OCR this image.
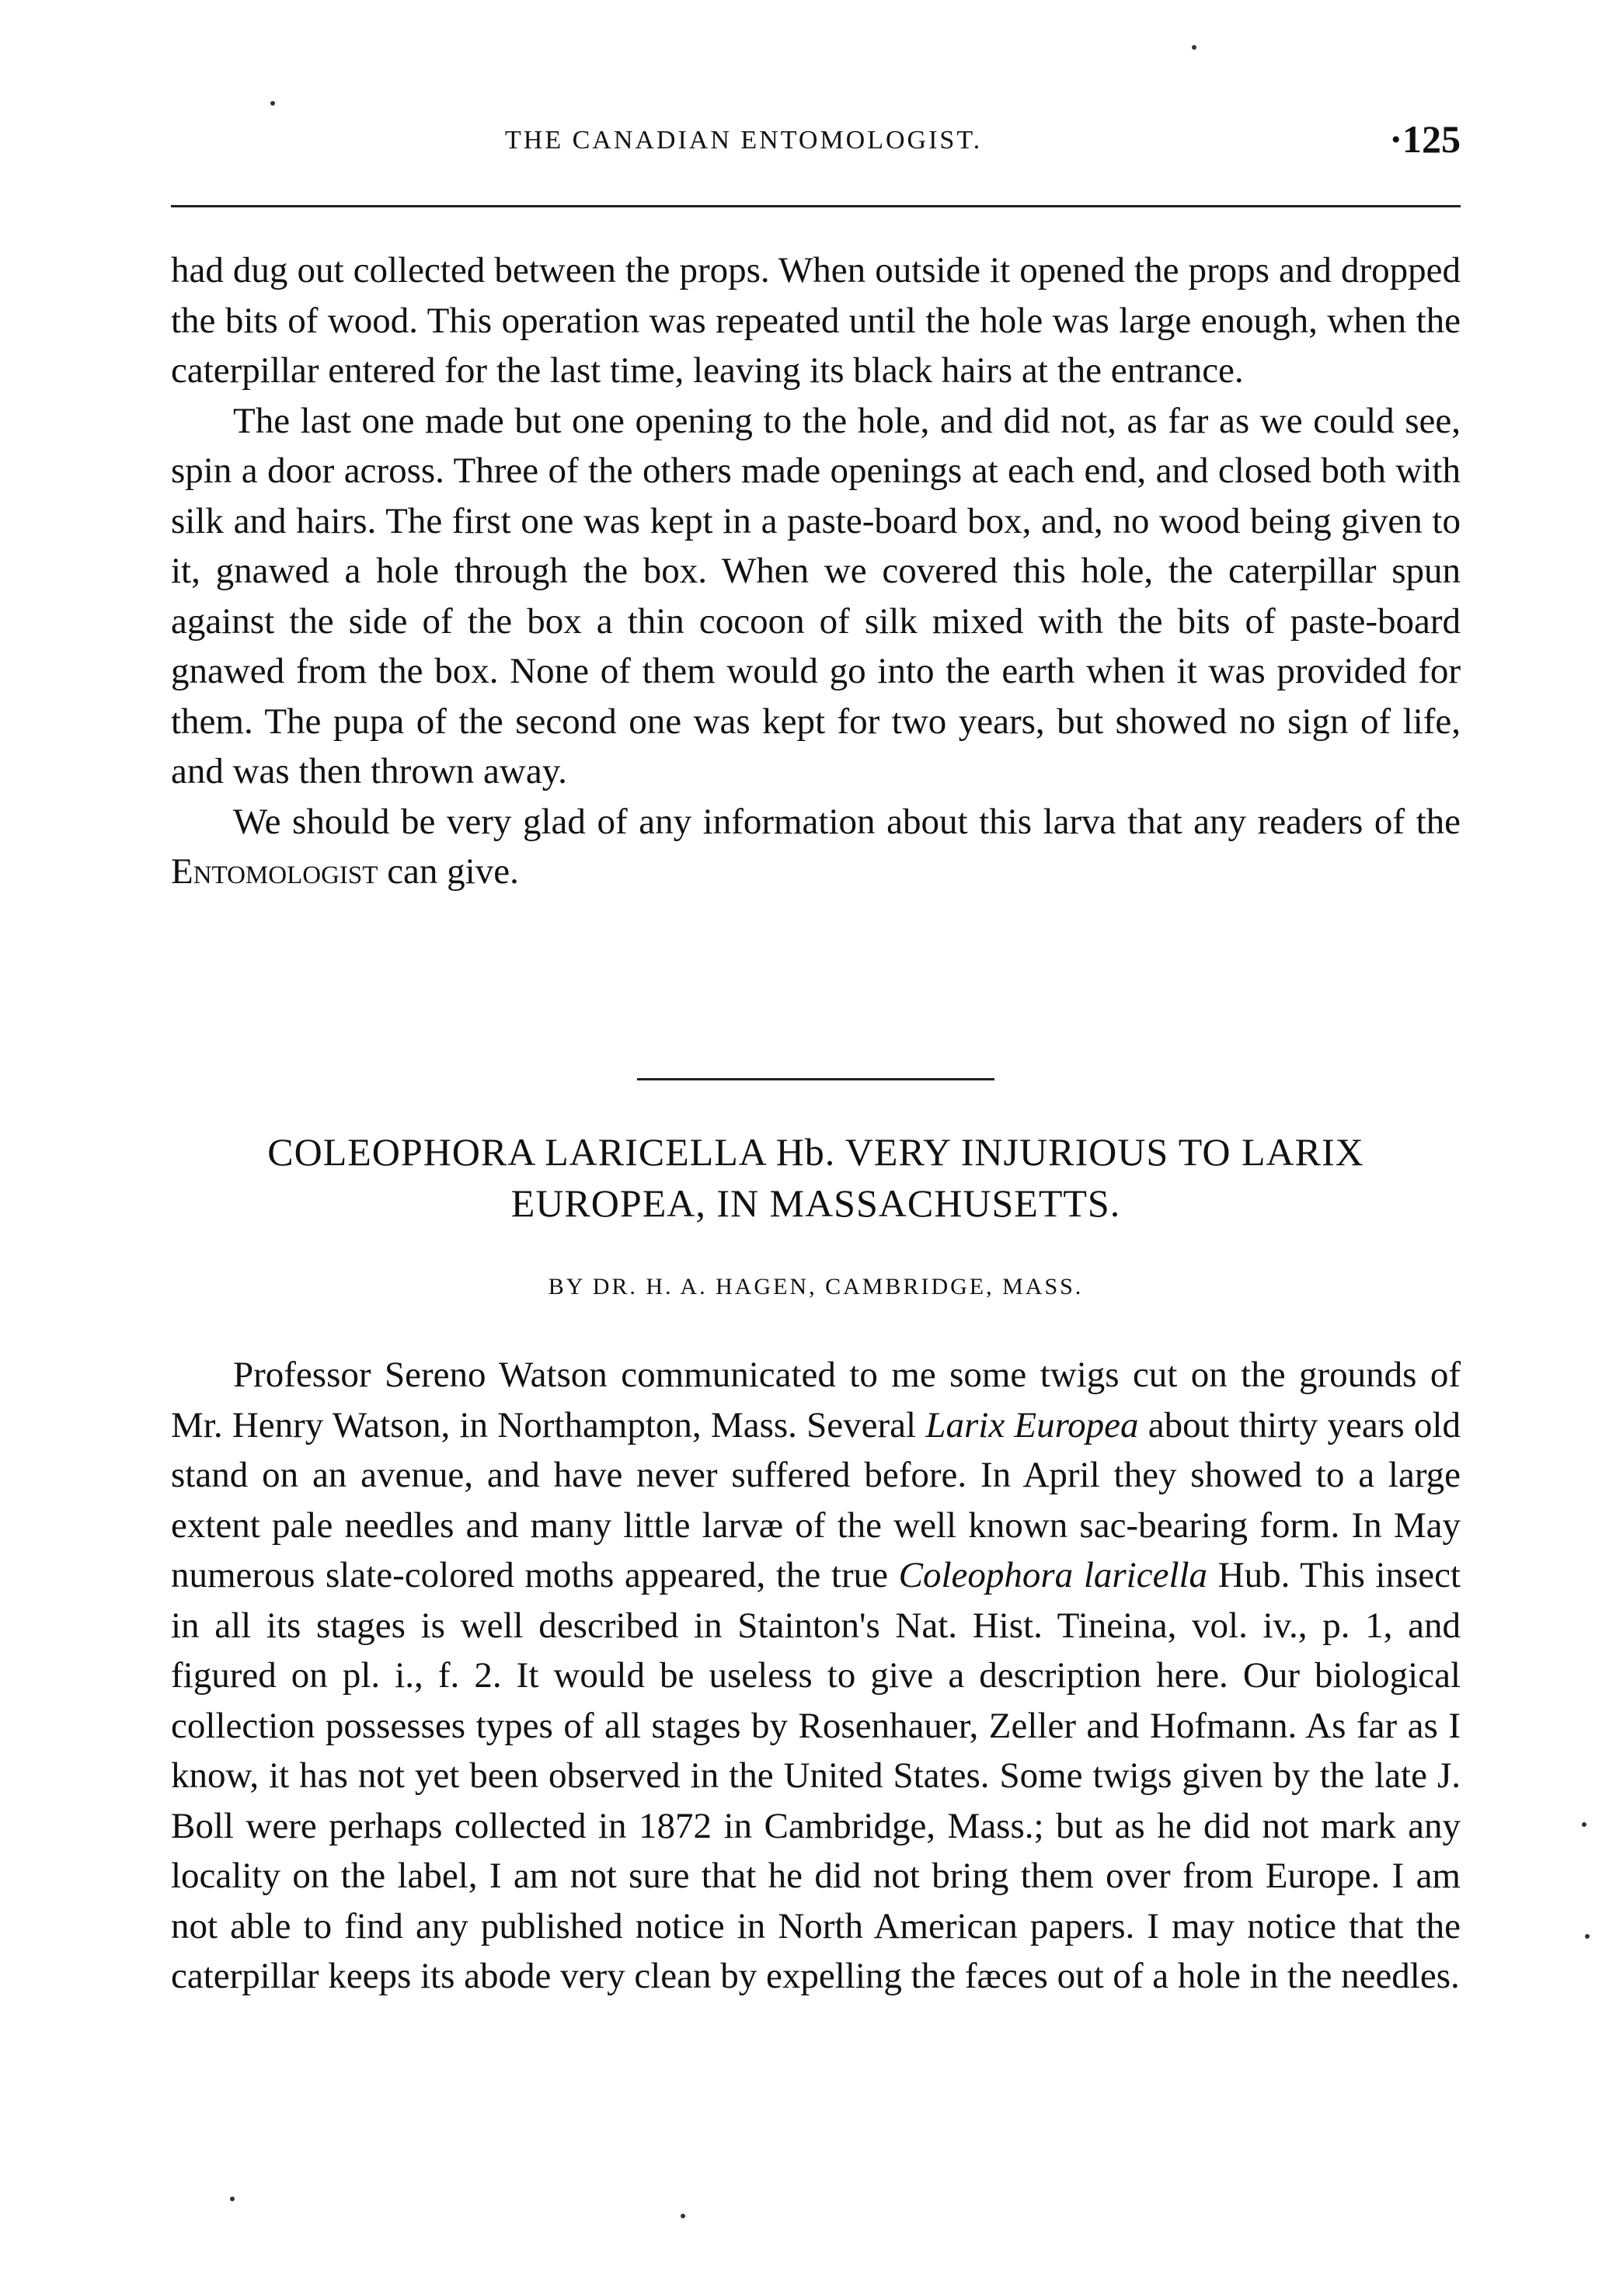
THE CANADIAN ENTOMOLOGIST.	·125

had dug out collected between the props. When outside it opened the props and dropped the bits of wood. This operation was repeated until the hole was large enough, when the caterpillar entered for the last time, leaving its black hairs at the entrance.

The last one made but one opening to the hole, and did not, as far as we could see, spin a door across. Three of the others made openings at each end, and closed both with silk and hairs. The first one was kept in a paste-board box, and, no wood being given to it, gnawed a hole through the box. When we covered this hole, the caterpillar spun against the side of the box a thin cocoon of silk mixed with the bits of paste-board gnawed from the box. None of them would go into the earth when it was provided for them. The pupa of the second one was kept for two years, but showed no sign of life, and was then thrown away.

We should be very glad of any information about this larva that any readers of the Entomologist can give.

COLEOPHORA LARICELLA Hb. VERY INJURIOUS TO LARIX
EUROPEA, IN MASSACHUSETTS.
BY DR. H. A. HAGEN, CAMBRIDGE, MASS.

Professor Sereno Watson communicated to me some twigs cut on the grounds of Mr. Henry Watson, in Northampton, Mass. Several Larix Europea about thirty years old stand on an avenue, and have never suffered before. In April they showed to a large extent pale needles and many little larvæ of the well known sac-bearing form. In May numerous slate-colored moths appeared, the true Coleophora laricella Hub. This insect in all its stages is well described in Stainton's Nat. Hist. Tineina, vol. iv., p. 1, and figured on pl. i., f. 2. It would be useless to give a description here. Our biological collection possesses types of all stages by Rosenhauer, Zeller and Hofmann. As far as I know, it has not yet been observed in the United States. Some twigs given by the late J. Boll were perhaps collected in 1872 in Cambridge, Mass.; but as he did not mark any locality on the label, I am not sure that he did not bring them over from Europe. I am not able to find any published notice in North American papers. I may notice that the caterpillar keeps its abode very clean by expelling the fæces out of a hole in the needles.
